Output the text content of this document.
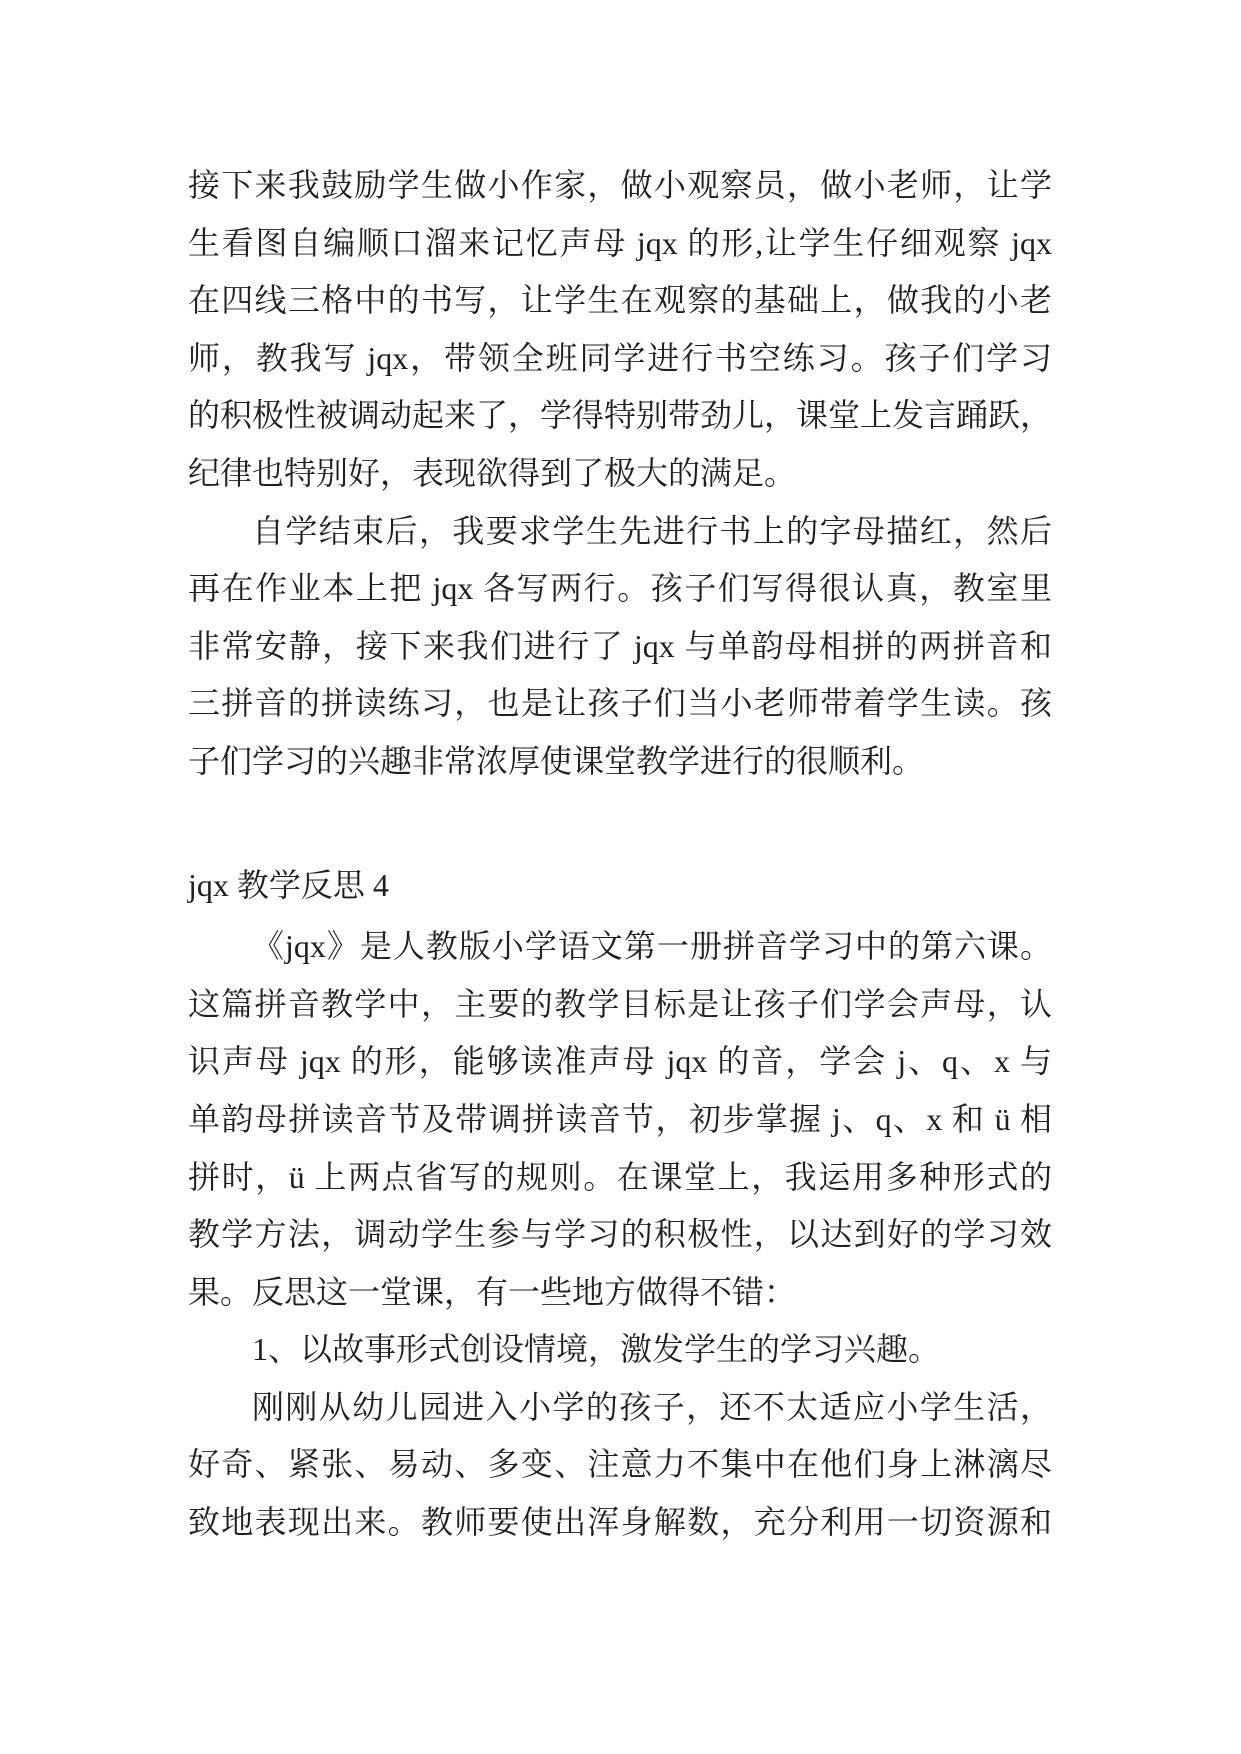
接下来我鼓励学生做小作家，做小观察员，做小老师，让学
生看图自编顺口溜来记忆声母 jqx 的形,让学生仔细观察 jqx
在四线三格中的书写，让学生在观察的基础上，做我的小老
师，教我写 jqx，带领全班同学进行书空练习。孩子们学习
的积极性被调动起来了，学得特别带劲儿，课堂上发言踊跃，
纪律也特别好，表现欲得到了极大的满足。
自学结束后，我要求学生先进行书上的字母描红，然后
再在作业本上把 jqx 各写两行。孩子们写得很认真，教室里
非常安静，接下来我们进行了 jqx 与单韵母相拼的两拼音和
三拼音的拼读练习，也是让孩子们当小老师带着学生读。孩
子们学习的兴趣非常浓厚使课堂教学进行的很顺利。
jqx 教学反思 4
《jqx》是人教版小学语文第一册拼音学习中的第六课。
这篇拼音教学中，主要的教学目标是让孩子们学会声母，认
识声母 jqx 的形，能够读准声母 jqx 的音，学会 j、q、x 与
单韵母拼读音节及带调拼读音节，初步掌握 j、q、x 和 ü 相
拼时，ü 上两点省写的规则。在课堂上，我运用多种形式的
教学方法，调动学生参与学习的积极性，以达到好的学习效
果。反思这一堂课，有一些地方做得不错：
1、以故事形式创设情境，激发学生的学习兴趣。
刚刚从幼儿园进入小学的孩子，还不太适应小学生活，
好奇、紧张、易动、多变、注意力不集中在他们身上淋漓尽
致地表现出来。教师要使出浑身解数，充分利用一切资源和
